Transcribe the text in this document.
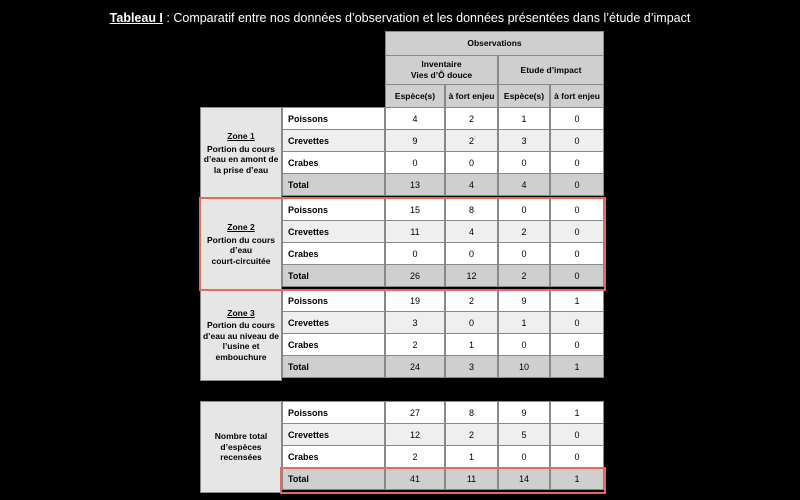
Tableau I : Comparatif entre nos données d’observation et les données présentées dans l’étude d’impact
Observations
Inventaire
Vies d’Ô douce
Etude d’impact
Espèce(s)	à fort enjeu	Espèce(s)	à fort enjeu
Zone 1
Portion du cours
d’eau en amont de
la prise d’eau
Poissons	4	2	1	0
Crevettes	9	2	3	0
Crabes	0	0	0	0
Total	13	4	4	0
Zone 2
Portion du cours
d’eau
court-circuitée
Poissons	15	8	0	0
Crevettes	11	4	2	0
Crabes	0	0	0	0
Total	26	12	2	0
Zone 3
Portion du cours
d’eau au niveau de
l’usine et
embouchure
Poissons	19	2	9	1
Crevettes	3	0	1	0
Crabes	2	1	0	0
Total	24	3	10	1
Nombre total
d’espèces
recensées
Poissons	27	8	9	1
Crevettes	12	2	5	0
Crabes	2	1	0	0
Total	41	11	14	1
